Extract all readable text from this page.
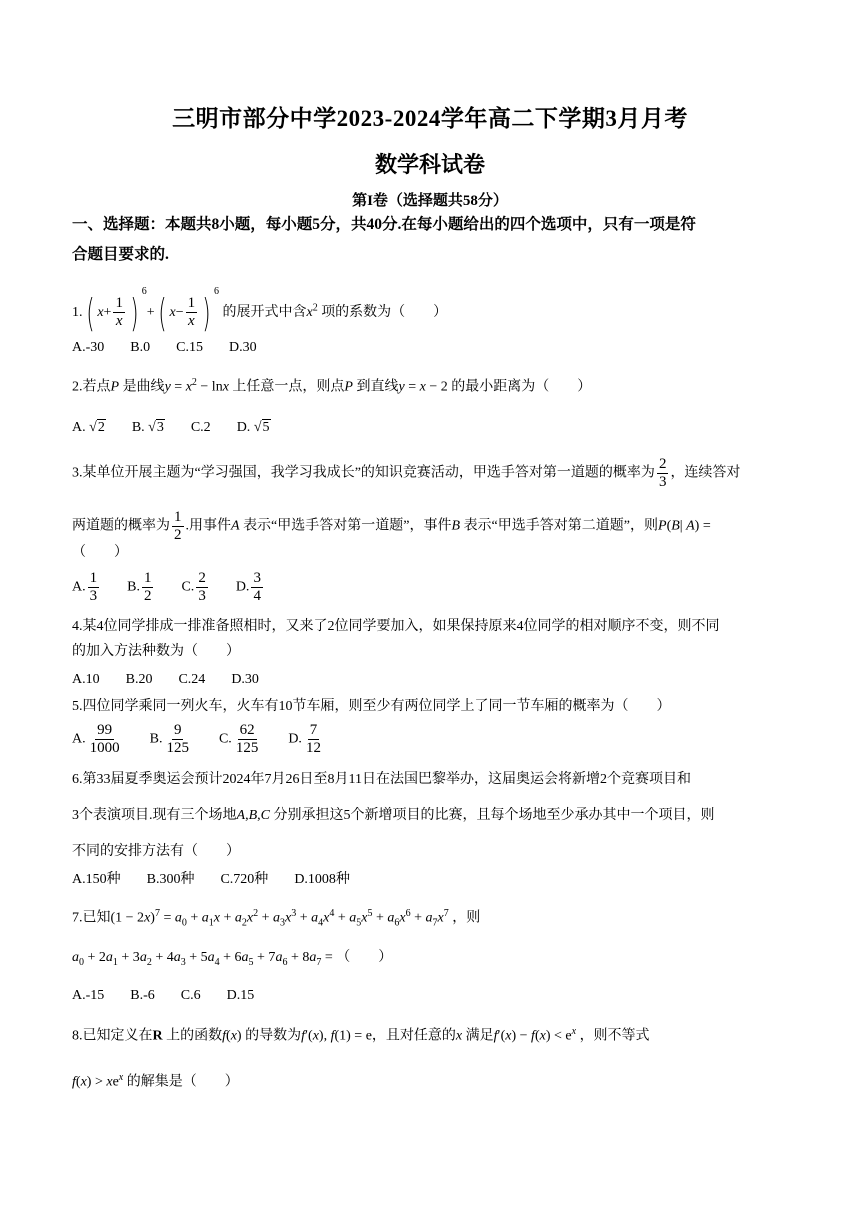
三明市部分中学2023-2024学年高二下学期3月月考
数学科试卷
第I卷（选择题共58分）
一、选择题：本题共8小题，每小题5分，共40分.在每小题给出的四个选项中，只有一项是符
合题目要求的.
1.( $x+ \frac{1}{x}$ ) $^6$+( $x- \frac{1}{x}$ ) $^6$ 的展开式中含$x^2$ 项的系数为（　　）
A.-30 B.0 C.15 D.30
2.若点P 是曲线$y = x^2 - \ln x$ 上任意一点，则点P 到直线y = x − 2 的最小距离为（　　）
A. √2 B. √3 C.2 D. √5
3.某单位开展主题为“学习强国，我学习我成长”的知识竞赛活动，甲选手答对第一道题的概率为 $\frac{2}{3}$ ，连续答对
两道题的概率为 $\frac{1}{2}$ .用事件A 表示“甲选手答对第一道题”，事件B 表示“甲选手答对第二道题”，则P(B| A) =
（　　）
A. $\frac{1}{3} B$. $\frac{1}{2} C$. $\frac{2}{3} D$. $\frac{3}{4}$
4.某4位同学排成一排准备照相时，又来了2位同学要加入，如果保持原来4位同学的相对顺序不变，则不同
的加入方法种数为（　　）
A.10 B.20 C.24 D.30
5.四位同学乘同一列火车，火车有10节车厢，则至少有两位同学上了同一节车厢的概率为（　　）
A. $\frac{99}{1000} B$. $\frac{9}{125} C$. $\frac{62}{125} D$. $\frac{7}{12}$
6.第33届夏季奥运会预计2024年7月26日至8月11日在法国巴黎举办，这届奥运会将新增2个竞赛项目和
3个表演项目.现有三个场地A,B,C 分别承担这5个新增项目的比赛，且每个场地至少承办其中一个项目，则
不同的安排方法有（　　）
A.150种 B.300种 C.720种 D.1008种
7.已知$(1 - 2x)^7 = a_0 + a_1x + a_2x^2 + a_3x^3 + a_4x^4 + a_5x^5 + a_6x^6 + a_7x^7$ ，则
$a_0 + 2a_1 + 3a_2 + 4a_3 + 5a_4 + 6a_5 + 7a_6 + 8a_7$ = （　　）
A.-15 B.-6 C.6 D.15
8.已知定义在R 上的函数f(x) 的导数为f′(x), f(1) = e，且对任意的x 满足$f'(x) - f(x) < e^x$ ，则不等式
$f(x) > xe^x$ 的解集是（　　）
